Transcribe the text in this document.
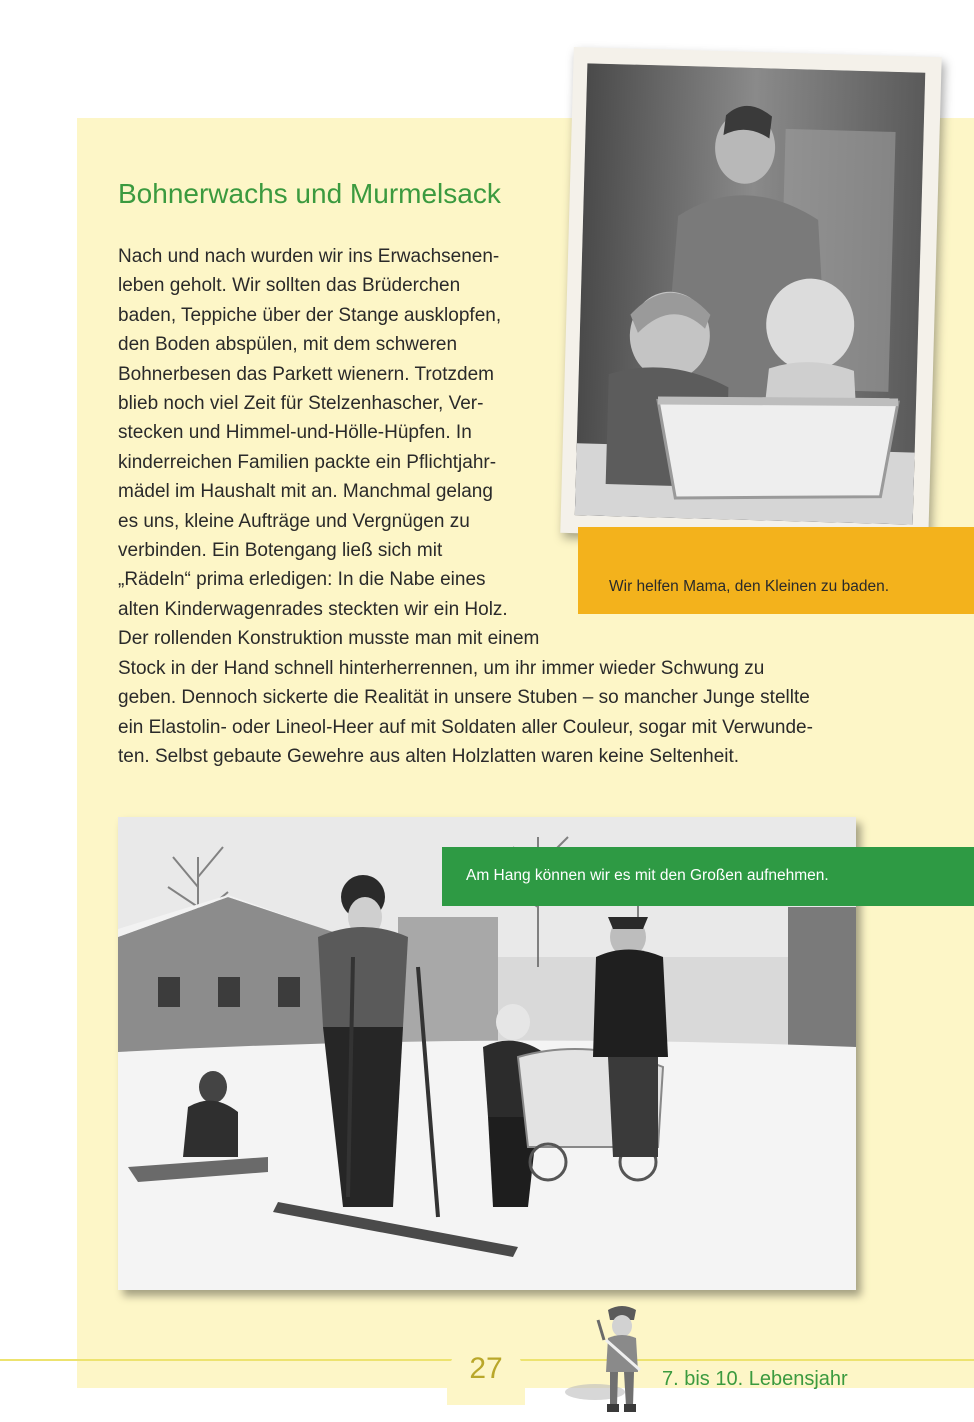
Bohnerwachs und Murmelsack
Nach und nach wurden wir ins Erwachsenen-
leben geholt. Wir sollten das Brüderchen
baden, Teppiche über der Stange ausklopfen,
den Boden abspülen, mit dem schweren
Bohnerbesen das Parkett wienern. Trotzdem
blieb noch viel Zeit für Stelzenhascher, Ver-
stecken und Himmel-und-Hölle-Hüpfen. In
kinderreichen Familien packte ein Pflichtjahr-
mädel im Haushalt mit an. Manchmal gelang
es uns, kleine Aufträge und Vergnügen zu
verbinden. Ein Botengang ließ sich mit
„Rädeln“ prima erledigen: In die Nabe eines
alten Kinderwagenrades steckten wir ein Holz.
Der rollenden Konstruktion musste man mit einem
Stock in der Hand schnell hinterherrennen, um ihr immer wieder Schwung zu
geben. Dennoch sickerte die Realität in unsere Stuben – so mancher Junge stellte
ein Elastolin- oder Lineol-Heer auf mit Soldaten aller Couleur, sogar mit Verwunde-
ten. Selbst gebaute Gewehre aus alten Holzlatten waren keine Seltenheit.
Wir helfen Mama, den Kleinen zu baden.
Am Hang können wir es mit den Großen aufnehmen.
27	7. bis 10. Lebensjahr
